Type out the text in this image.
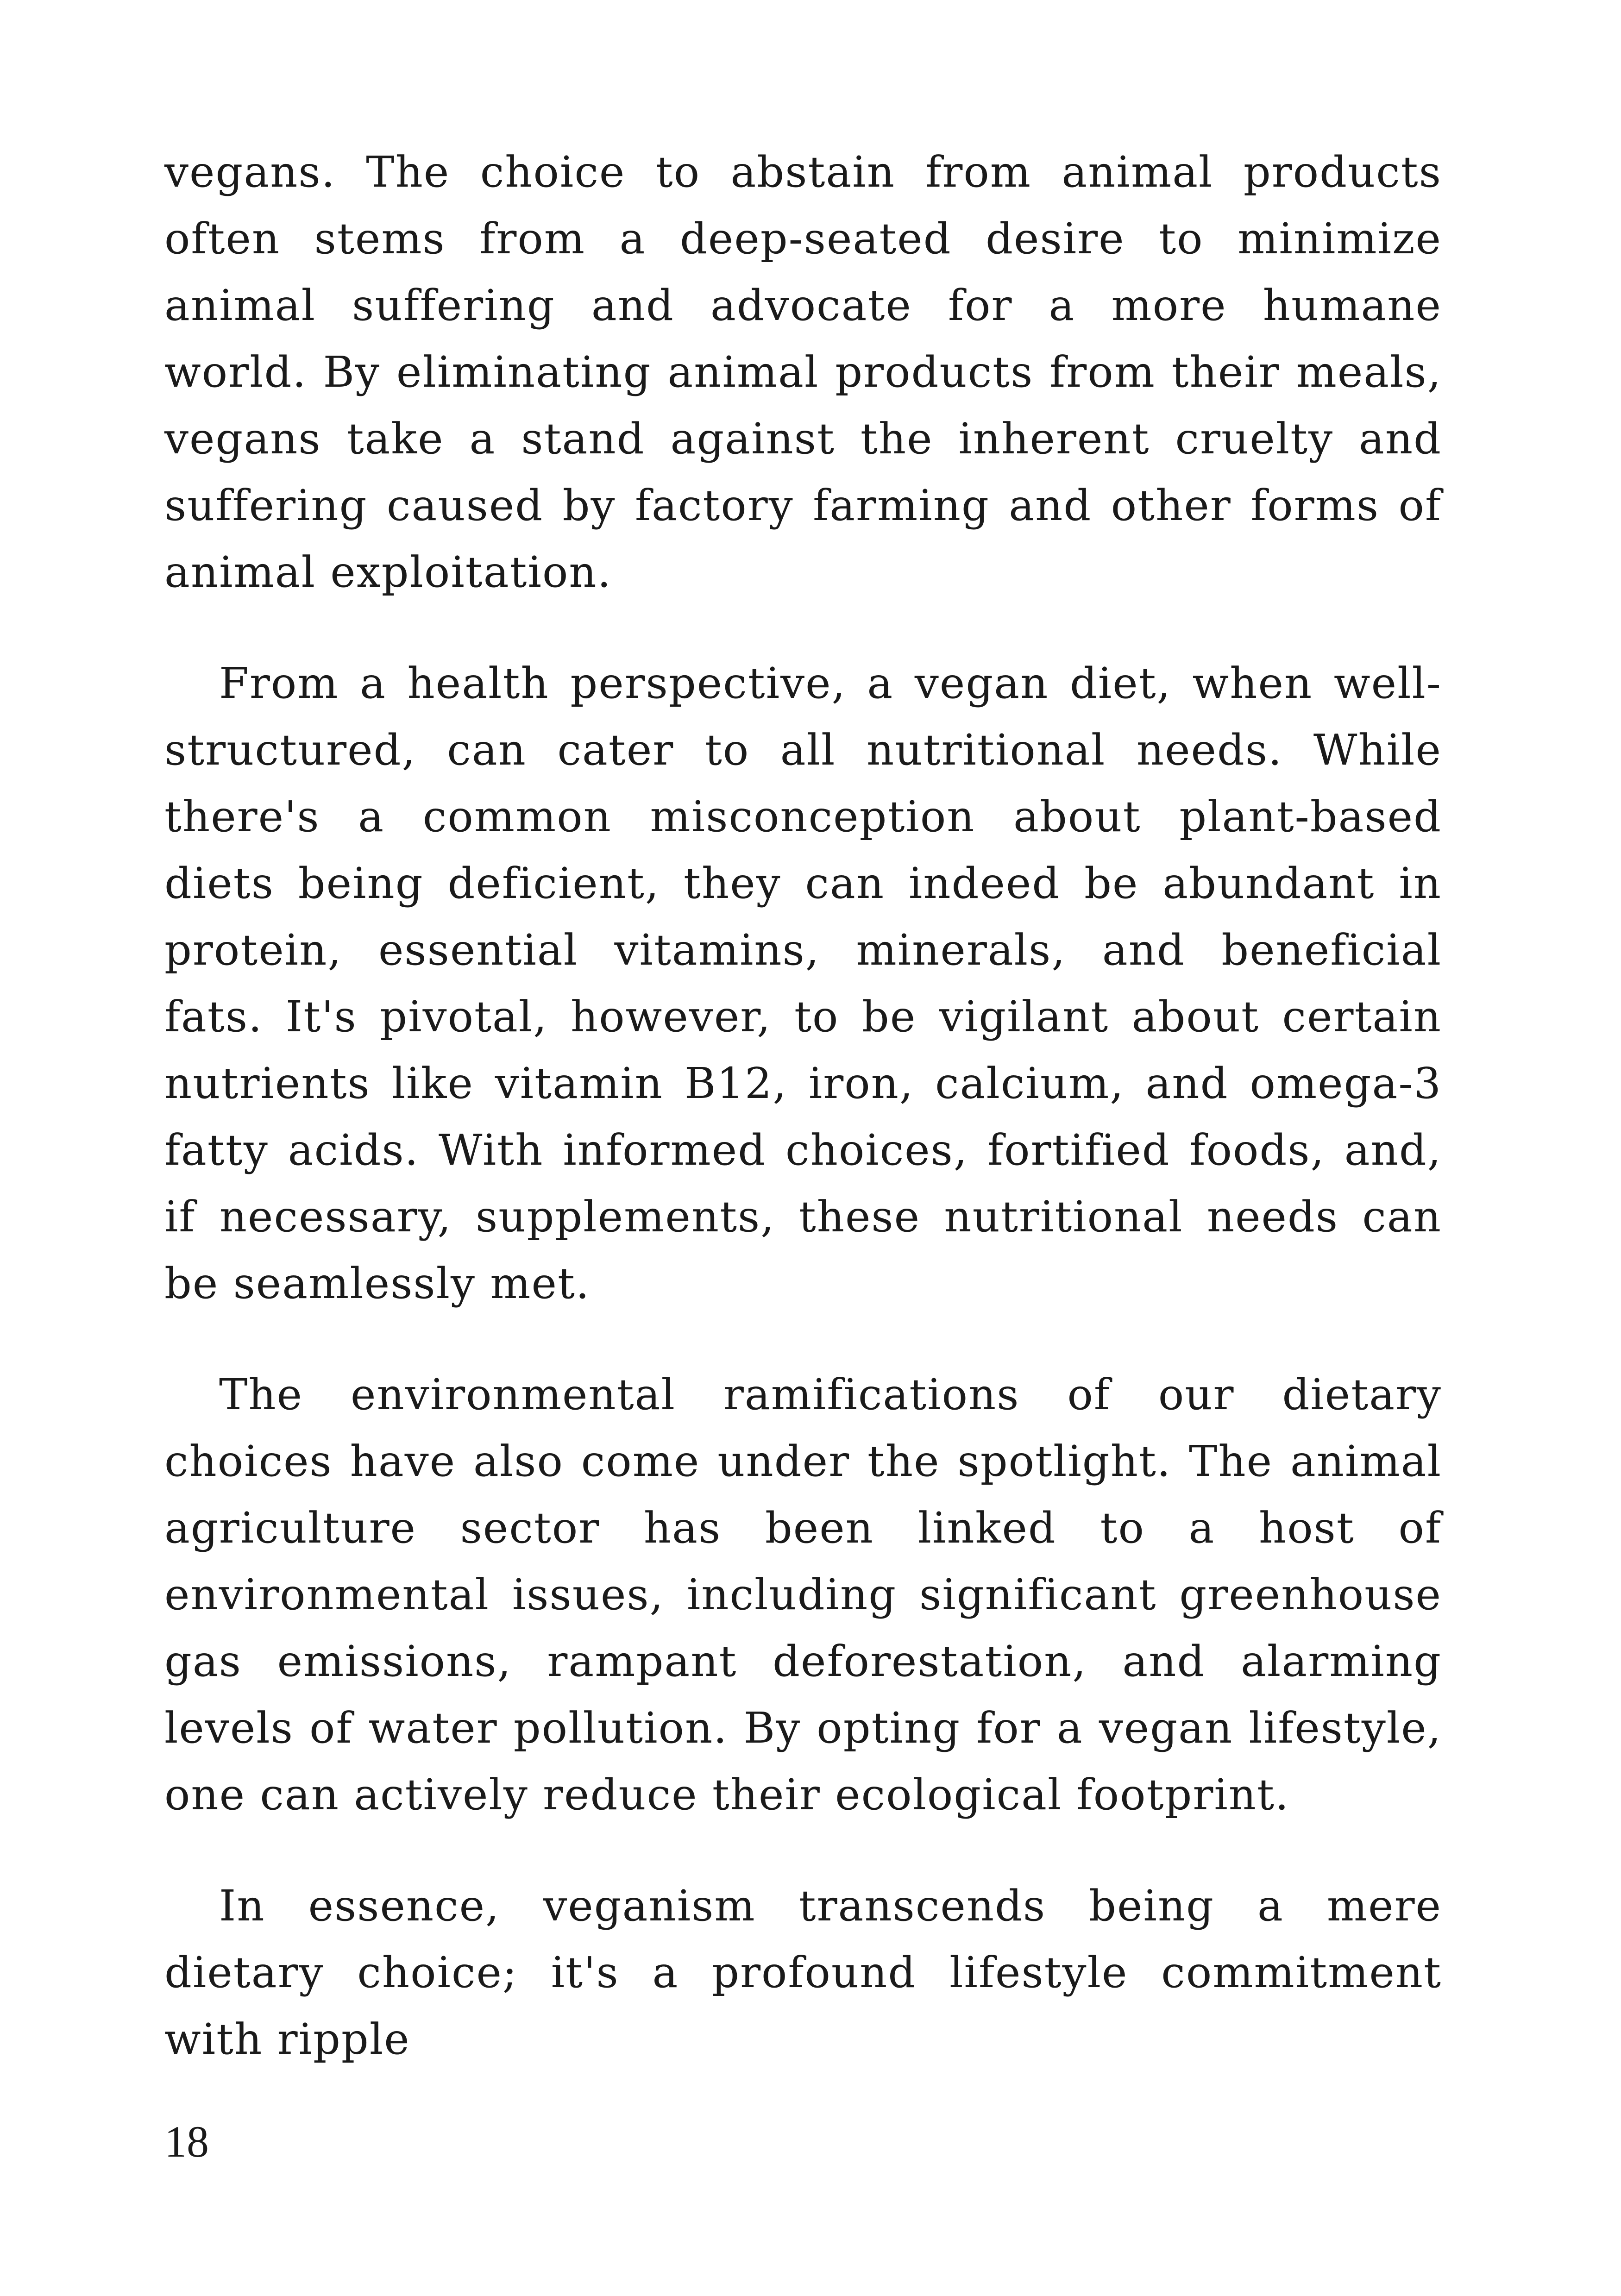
vegans. The choice to abstain from animal products often stems from a deep-seated desire to minimize animal suffering and advocate for a more humane world. By eliminating animal products from their meals, vegans take a stand against the inherent cruelty and suffering caused by factory farming and other forms of animal exploitation.

From a health perspective, a vegan diet, when well-structured, can cater to all nutritional needs. While there's a common misconception about plant-based diets being deficient, they can indeed be abundant in protein, essential vitamins, minerals, and beneficial fats. It's pivotal, however, to be vigilant about certain nutrients like vitamin B12, iron, calcium, and omega-3 fatty acids. With informed choices, fortified foods, and, if necessary, supplements, these nutritional needs can be seamlessly met.

The environmental ramifications of our dietary choices have also come under the spotlight. The animal agriculture sector has been linked to a host of environmental issues, including significant greenhouse gas emissions, rampant deforestation, and alarming levels of water pollution. By opting for a vegan lifestyle, one can actively reduce their ecological footprint.

In essence, veganism transcends being a mere dietary choice; it's a profound lifestyle commitment with ripple

18
